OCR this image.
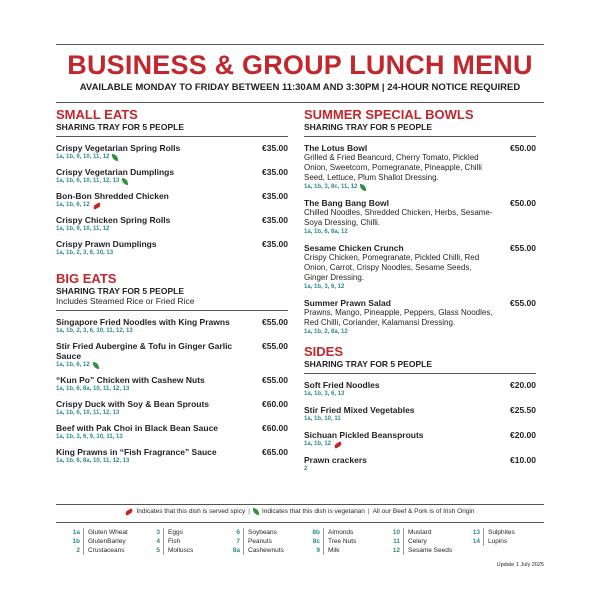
BUSINESS & GROUP LUNCH MENU
AVAILABLE MONDAY TO FRIDAY BETWEEN 11:30AM AND 3:30PM | 24-HOUR NOTICE REQUIRED
SMALL EATS
SHARING TRAY FOR 5 PEOPLE
Crispy Vegetarian Spring Rolls	€35.00
1a, 1b, 9, 10, 11, 12
Crispy Vegetarian Dumplings	€35.00
1a, 1b, 6, 10, 11, 12, 13
Bon-Bon Shredded Chicken	€35.00
1a, 1b, 6, 12
Crispy Chicken Spring Rolls	€35.00
1a, 1b, 9, 10, 11, 12
Crispy Prawn Dumplings	€35.00
1a, 1b, 2, 3, 6, 10, 13
BIG EATS
SHARING TRAY FOR 5 PEOPLE
Includes Steamed Rice or Fried Rice
Singapore Fried Noodles with King Prawns	€55.00
1a, 1b, 2, 3, 6, 10, 11, 12, 13
Stir Fried Aubergine & Tofu in Ginger Garlic Sauce
€55.00
1a, 1b, 6, 12
“Kun Po” Chicken with Cashew Nuts	€55.00
1a, 1b, 6, 8a, 10, 11, 12, 13
Crispy Duck with Soy & Bean Sprouts	€60.00
1a, 1b, 6, 10, 11, 12, 13
Beef with Pak Choi in Black Bean Sauce	€60.00
1a, 1b, 3, 6, 9, 10, 11, 13
King Prawns in “Fish Fragrance” Sauce	€65.00
1a, 1b, 6, 8a, 10, 11, 12, 13
SUMMER SPECIAL BOWLS
SHARING TRAY FOR 5 PEOPLE
The Lotus Bowl	€50.00
Grilled & Fried Beancurd, Cherry Tomato, Pickled Onion, Sweetcorn, Pomegranate, Pineapple, Chilli Seed, Lettuce, Plum Shallot Dressing.
1a, 1b, 3, 8c, 11, 12
The Bang Bang Bowl	€50.00
Chilled Noodles, Shredded Chicken, Herbs, Sesame-Soya Dressing, Chilli.
1a, 1b, 6, 8a, 12
Sesame Chicken Crunch	€55.00
Crispy Chicken, Pomegranate, Pickled Chilli, Red Onion, Carrot, Crispy Noodles, Sesame Seeds, Ginger Dressing.
1a, 1b, 3, 6, 12
Summer Prawn Salad	€55.00
Prawns, Mango, Pineapple, Peppers, Glass Noodles, Red Chilli, Coriander, Kalamansi Dressing.
1a, 1b, 2, 8a, 12
SIDES
SHARING TRAY FOR 5 PEOPLE
Soft Fried Noodles	€20.00
1a, 1b, 3, 6, 13
Stir Fried Mixed Vegetables	€25.50
1a, 1b, 10, 11
Sichuan Pickled Beansprouts	€20.00
1a, 1b, 12
Prawn crackers	€10.00
2
Indicates that this dish is served spicy | Indicates that this dish is vegetarian | All our Beef & Pork is of Irish Origin
1a	Gluten Wheat
1b	GlutenBarley
2	Crustaceans
3	Eggs
4	Fish
5	Molluscs
6	Soybeans
7	Peanuts
8a	Cashewnuts
8b	Almonds
8c	Tree Nuts
9	Milk
10	Mustard
11	Celery
12	Sesame Seeds
13	Sulphites
14	Lupins
Update 1 July 2025
